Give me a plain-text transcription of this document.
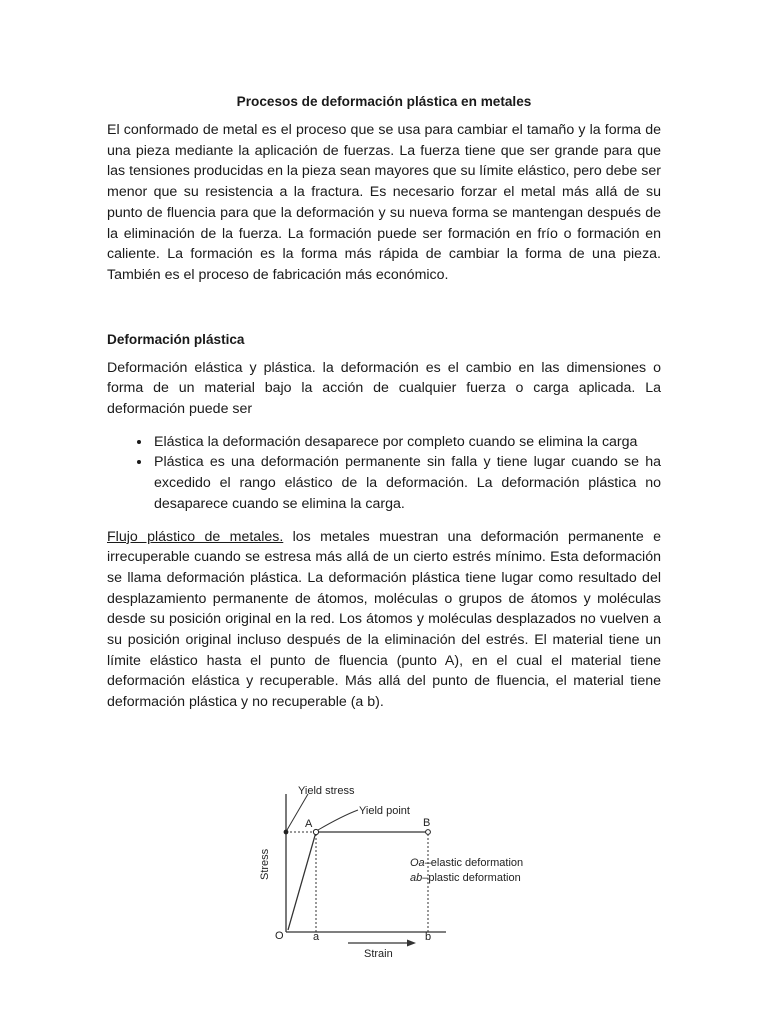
Procesos de deformación plástica en metales

El conformado de metal es el proceso que se usa para cambiar el tamaño y la forma de una pieza mediante la aplicación de fuerzas. La fuerza tiene que ser grande para que las tensiones producidas en la pieza sean mayores que su límite elástico, pero debe ser menor que su resistencia a la fractura. Es necesario forzar el metal más allá de su punto de fluencia para que la deformación y su nueva forma se mantengan después de la eliminación de la fuerza. La formación puede ser formación en frío o formación en caliente. La formación es la forma más rápida de cambiar la forma de una pieza. También es el proceso de fabricación más económico.

Deformación plástica

Deformación elástica y plástica. la deformación es el cambio en las dimensiones o forma de un material bajo la acción de cualquier fuerza o carga aplicada. La deformación puede ser

• Elástica la deformación desaparece por completo cuando se elimina la carga
• Plástica es una deformación permanente sin falla y tiene lugar cuando se ha excedido el rango elástico de la deformación. La deformación plástica no desaparece cuando se elimina la carga.

Flujo plástico de metales. los metales muestran una deformación permanente e irrecuperable cuando se estresa más allá de un cierto estrés mínimo. Esta deformación se llama deformación plástica. La deformación plástica tiene lugar como resultado del desplazamiento permanente de átomos, moléculas o grupos de átomos y moléculas desde su posición original en la red. Los átomos y moléculas desplazados no vuelven a su posición original incluso después de la eliminación del estrés. El material tiene un límite elástico hasta el punto de fluencia (punto A), en el cual el material tiene deformación elástica y recuperable. Más allá del punto de fluencia, el material tiene deformación plástica y no recuperable (a b).

Yield stress
Yield point
A	B
Stress
O	a	b
Strain
Oa–elastic deformation
ab–plastic deformation
